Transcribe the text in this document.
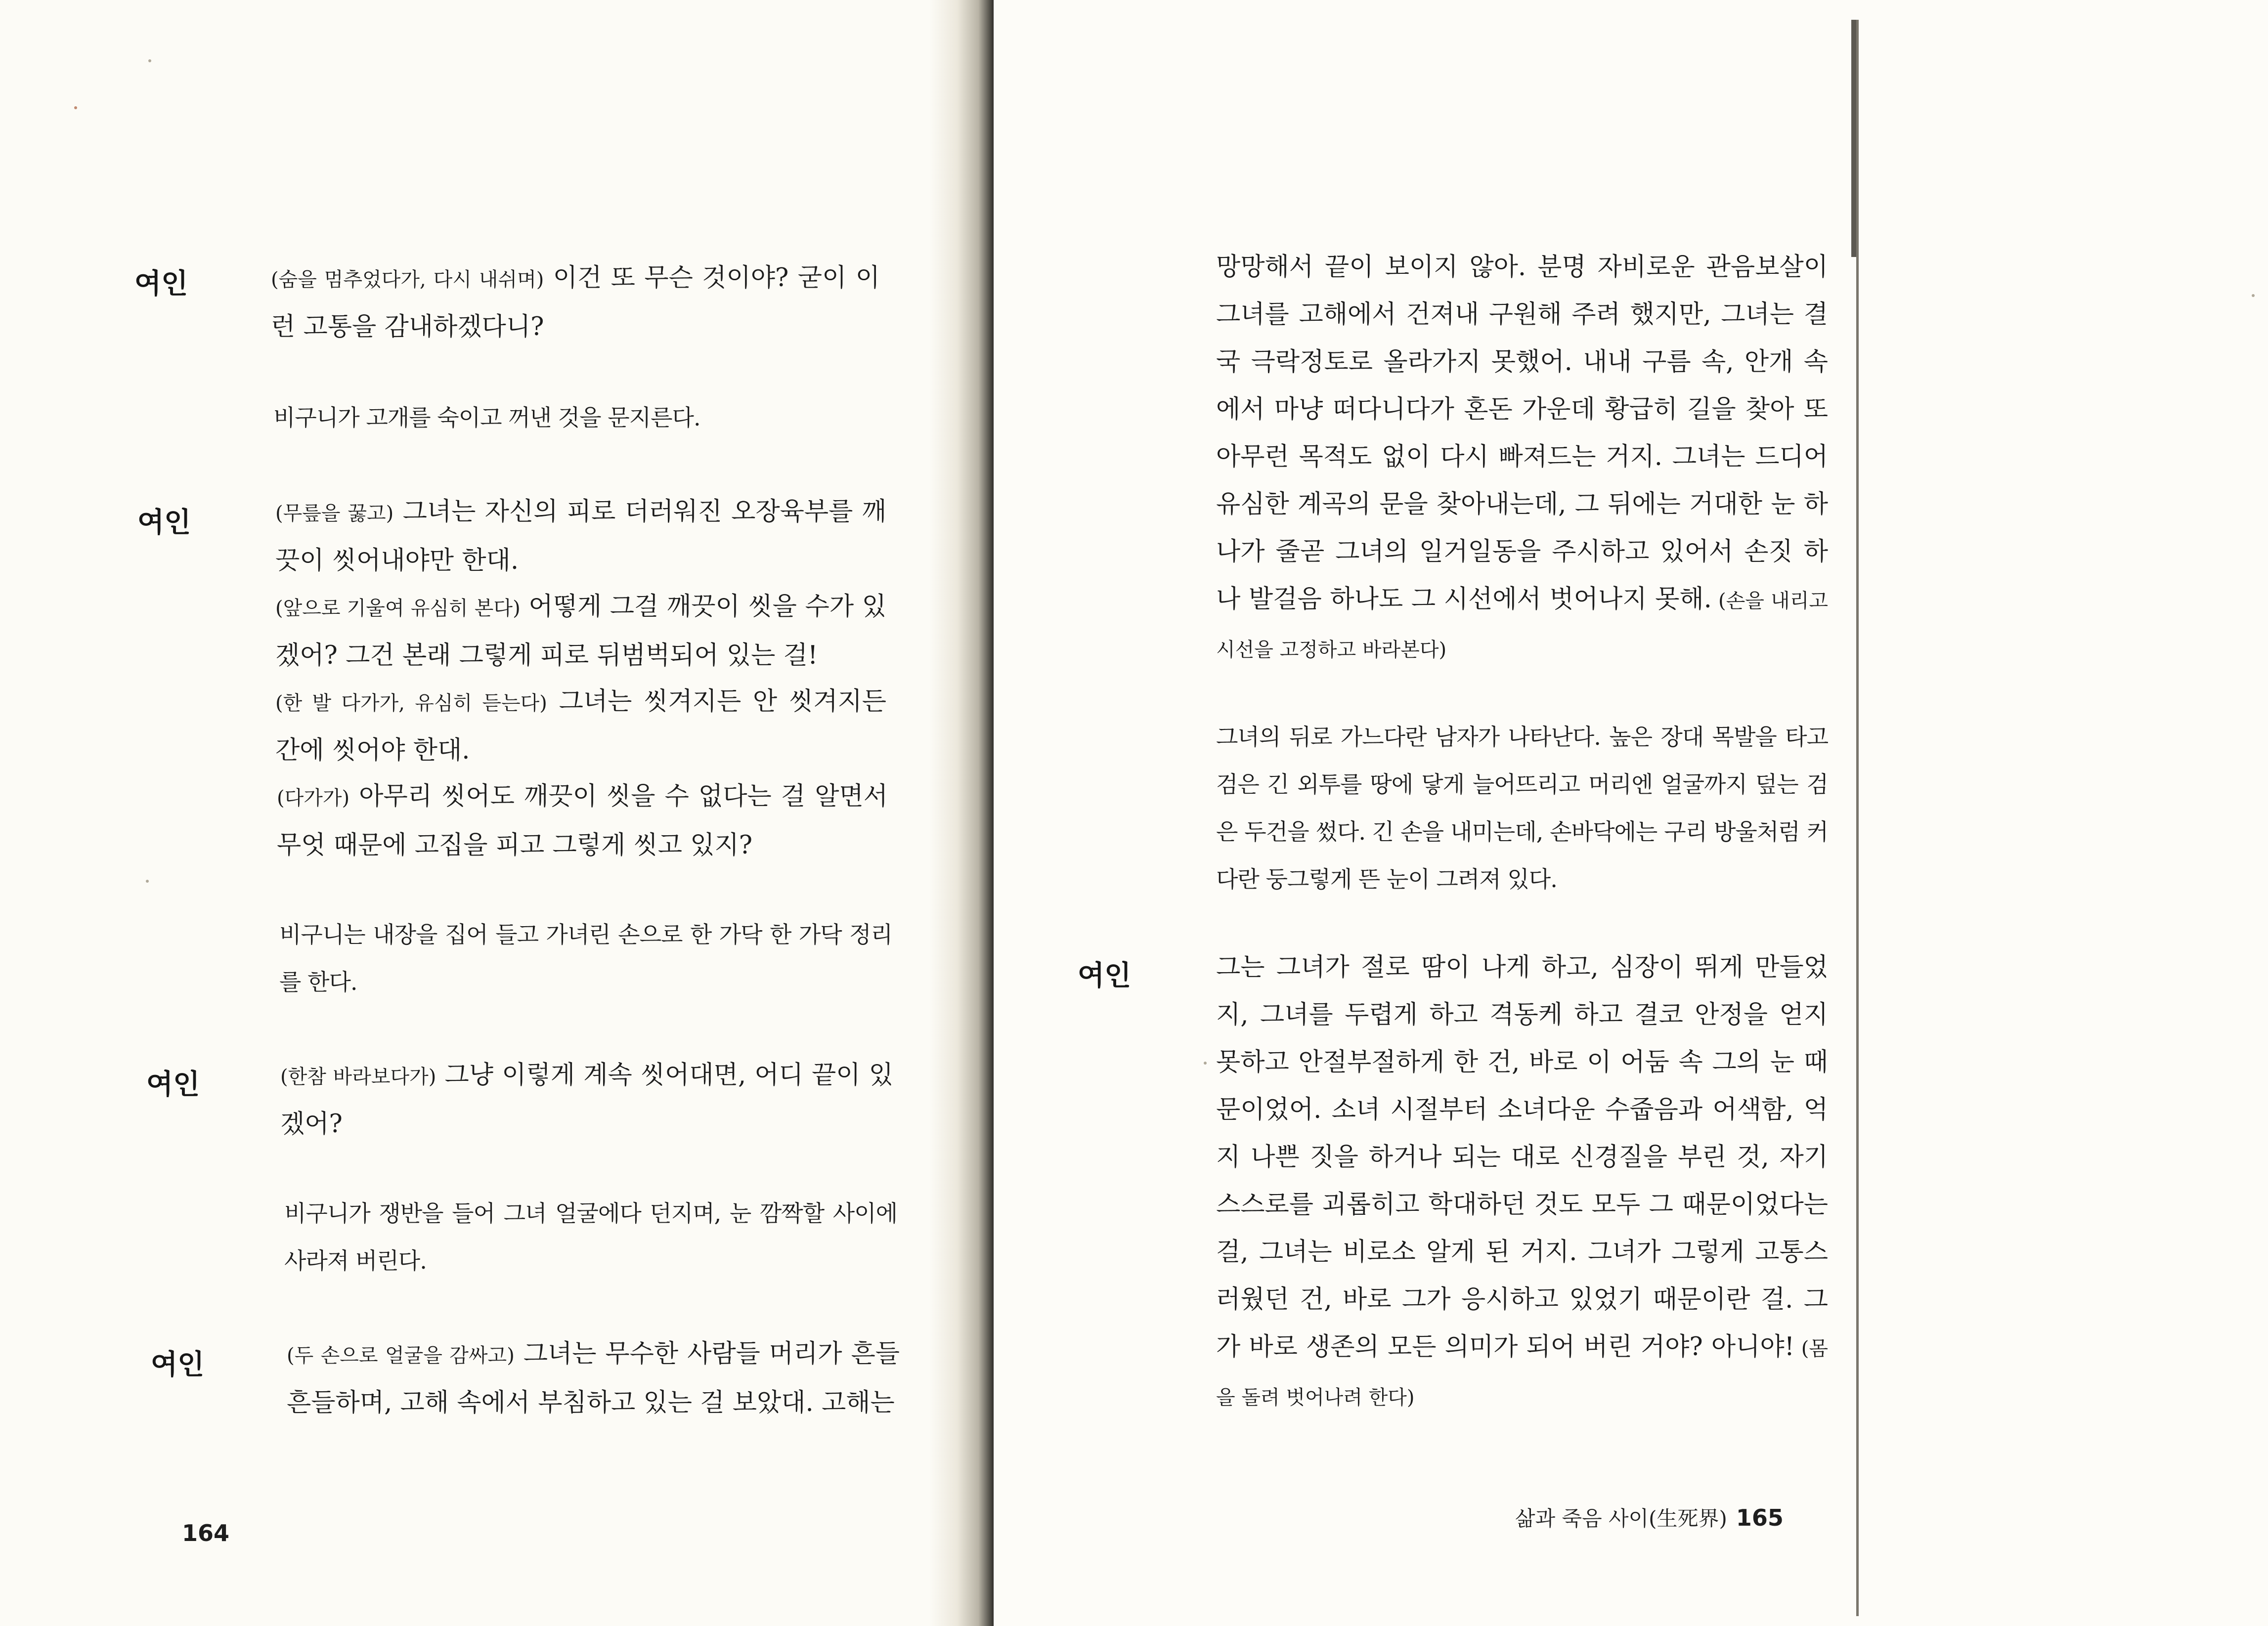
여인	(숨을 멈추었다가, 다시 내쉬며) 이건 또 무슨 것이야? 굳이 이런 고통을 감내하겠다니?

비구니가 고개를 숙이고 꺼낸 것을 문지른다.

여인	(무릎을 꿇고) 그녀는 자신의 피로 더러워진 오장육부를 깨끗이 씻어내야만 한대.

(앞으로 기울여 유심히 본다) 어떻게 그걸 깨끗이 씻을 수가 있겠어? 그건 본래 그렇게 피로 뒤범벅되어 있는 걸!

(한 발 다가가, 유심히 듣는다) 그녀는 씻겨지든 안 씻겨지든 간에 씻어야 한대.

(다가가) 아무리 씻어도 깨끗이 씻을 수 없다는 걸 알면서 무엇 때문에 고집을 피고 그렇게 씻고 있지?

비구니는 내장을 집어 들고 가녀린 손으로 한 가닥 한 가닥 정리를 한다.

여인	(한참 바라보다가) 그냥 이렇게 계속 씻어대면, 어디 끝이 있겠어?

비구니가 쟁반을 들어 그녀 얼굴에다 던지며, 눈 깜짝할 사이에 사라져 버린다.

여인	(두 손으로 얼굴을 감싸고) 그녀는 무수한 사람들 머리가 흔들흔들하며, 고해 속에서 부침하고 있는 걸 보았대. 고해는

164

망망해서 끝이 보이지 않아. 분명 자비로운 관음보살이 그녀를 고해에서 건져내 구원해 주려 했지만, 그녀는 결국 극락정토로 올라가지 못했어. 내내 구름 속, 안개 속에서 마냥 떠다니다가 혼돈 가운데 황급히 길을 찾아 또 아무런 목적도 없이 다시 빠져드는 거지. 그녀는 드디어 유심한 계곡의 문을 찾아내는데, 그 뒤에는 거대한 눈 하나가 줄곧 그녀의 일거일동을 주시하고 있어서 손짓 하나 발걸음 하나도 그 시선에서 벗어나지 못해. (손을 내리고 시선을 고정하고 바라본다)

그녀의 뒤로 가느다란 남자가 나타난다. 높은 장대 목발을 타고 검은 긴 외투를 땅에 닿게 늘어뜨리고 머리엔 얼굴까지 덮는 검은 두건을 썼다. 긴 손을 내미는데, 손바닥에는 구리 방울처럼 커다란 둥그렇게 뜬 눈이 그려져 있다.

여인	그는 그녀가 절로 땀이 나게 하고, 심장이 뛰게 만들었지, 그녀를 두렵게 하고 격동케 하고 결코 안정을 얻지 못하고 안절부절하게 한 건, 바로 이 어둠 속 그의 눈 때문이었어. 소녀 시절부터 소녀다운 수줍음과 어색함, 억지 나쁜 짓을 하거나 되는 대로 신경질을 부린 것, 자기 스스로를 괴롭히고 학대하던 것도 모두 그 때문이었다는 걸, 그녀는 비로소 알게 된 거지. 그녀가 그렇게 고통스러웠던 건, 바로 그가 응시하고 있었기 때문이란 걸. 그가 바로 생존의 모든 의미가 되어 버린 거야? 아니야! (몸을 돌려 벗어나려 한다)

삶과 죽음 사이(生死界) 165
